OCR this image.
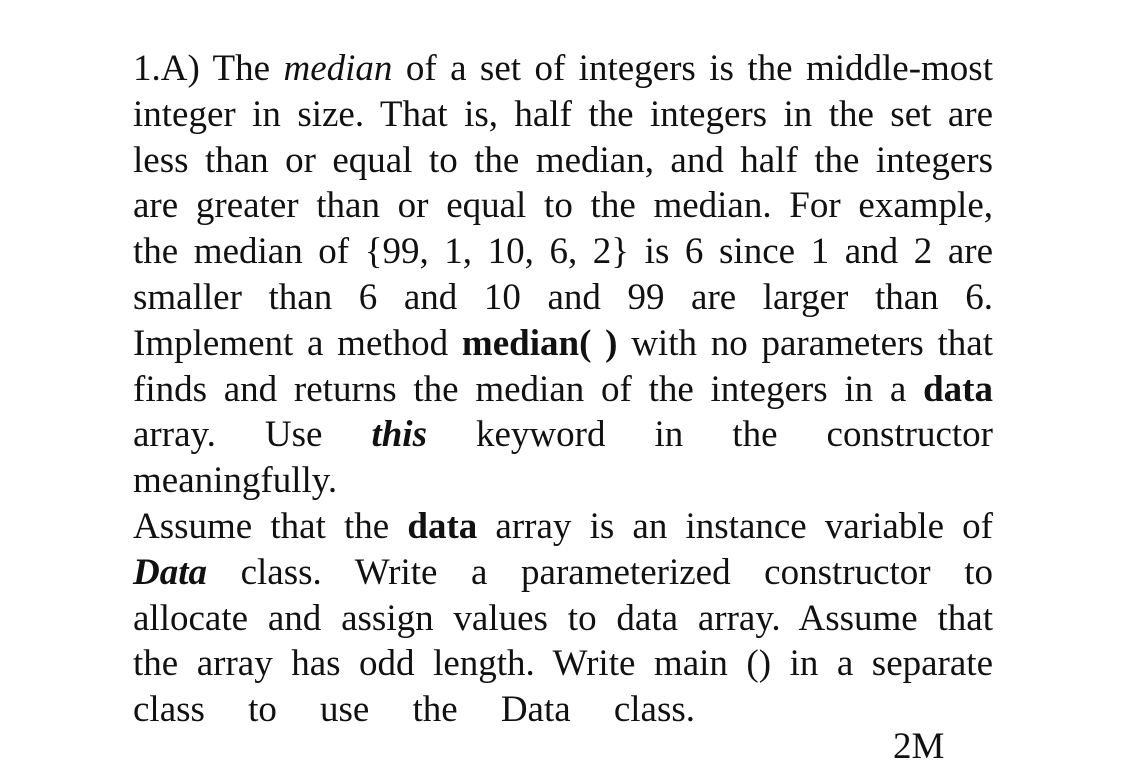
1.A) The median of a set of integers is the middle-most
integer in size. That is, half the integers in the set are
less than or equal to the median, and half the integers
are greater than or equal to the median. For example,
the median of {99, 1, 10, 6, 2} is 6 since 1 and 2 are
smaller than 6 and 10 and 99 are larger than 6.
Implement a method median( ) with no parameters that
finds and returns the median of the integers in a data
array. Use this keyword in the constructor
meaningfully.
Assume that the data array is an instance variable of
Data class. Write a parameterized constructor to
allocate and assign values to data array. Assume that
the array has odd length. Write main () in a separate
class to use the Data class.
2M
